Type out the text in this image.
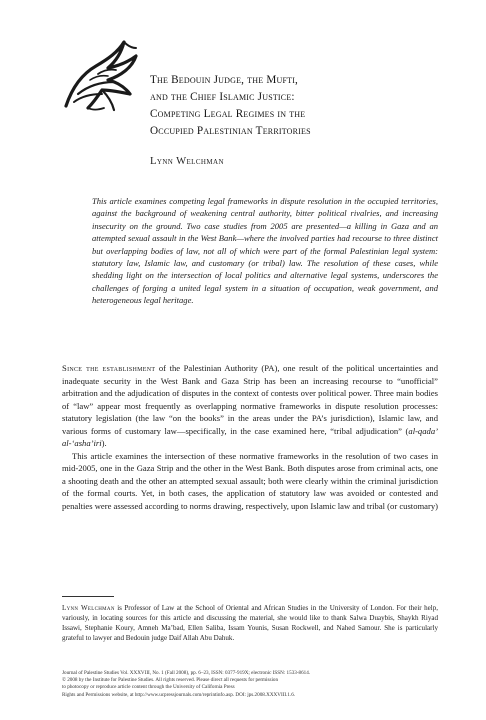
The Bedouin Judge, the Mufti,
and the Chief Islamic Justice:
Competing Legal Regimes in the
Occupied Palestinian Territories
Lynn Welchman
This article examines competing legal frameworks in dispute resolution in the occupied territories, against the background of weakening central authority, bitter political rivalries, and increasing insecurity on the ground. Two case studies from 2005 are presented—a killing in Gaza and an attempted sexual assault in the West Bank—where the involved parties had recourse to three distinct but overlapping bodies of law, not all of which were part of the formal Palestinian legal system: statutory law, Islamic law, and customary (or tribal) law. The resolution of these cases, while shedding light on the intersection of local politics and alternative legal systems, underscores the challenges of forging a united legal system in a situation of occupation, weak government, and heterogeneous legal heritage.

Since the establishment of the Palestinian Authority (PA), one result of the political uncertainties and inadequate security in the West Bank and Gaza Strip has been an increasing recourse to “unofficial” arbitration and the adjudication of disputes in the context of contests over political power. Three main bodies of “law” appear most frequently as overlapping normative frameworks in dispute resolution processes: statutory legislation (the law “on the books” in the areas under the PA’s jurisdiction), Islamic law, and various forms of customary law—specifically, in the case examined here, “tribal adjudication” (al-qada’ al-‘asha’iri).

This article examines the intersection of these normative frameworks in the resolution of two cases in mid-2005, one in the Gaza Strip and the other in the West Bank. Both disputes arose from criminal acts, one a shooting death and the other an attempted sexual assault; both were clearly within the criminal jurisdiction of the formal courts. Yet, in both cases, the application of statutory law was avoided or contested and penalties were assessed according to norms drawing, respectively, upon Islamic law and tribal (or customary)

Lynn Welchman is Professor of Law at the School of Oriental and African Studies in the University of London. For their help, variously, in locating sources for this article and discussing the material, she would like to thank Salwa Duaybis, Shaykh Riyad Issawi, Stephanie Koury, Amneh Ma’bad, Ellen Saliba, Issam Younis, Susan Rockwell, and Nahed Samour. She is particularly grateful to lawyer and Bedouin judge Daif Allah Abu Dahuk.
Journal of Palestine Studies Vol. XXXVIII, No. 1 (Fall 2008), pp. 6–23, ISSN: 0377-919X; electronic ISSN: 1533-8614.
© 2008 by the Institute for Palestine Studies. All rights reserved. Please direct all requests for permission
to photocopy or reproduce article content through the University of California Press
Rights and Permissions website, at http://www.ucpressjournals.com/reprintinfo.asp. DOI: jps.2008.XXXVIII.1.6.
